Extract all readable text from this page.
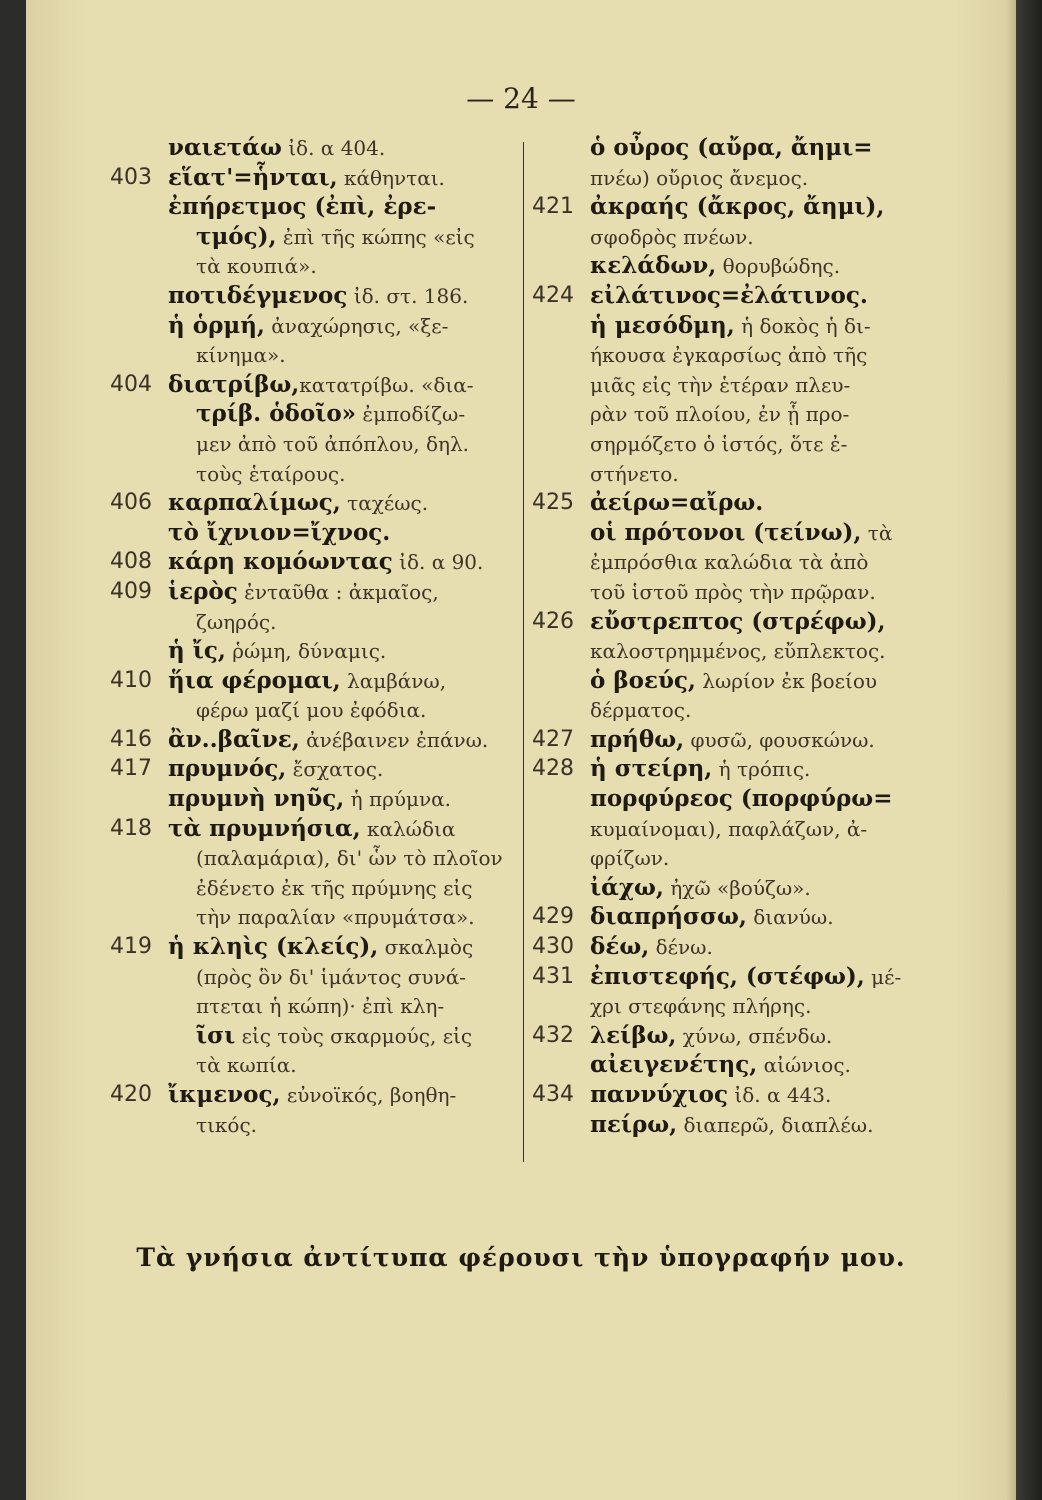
— 24 —
ναιετάω ἰδ. α 404.
403 εἵατ'=ἧνται, κάθηνται.
ἐπήρετμος (ἐπὶ, ἐρε-
τμός), ἐπὶ τῆς κώπης «εἰς
τὰ κουπιά».
ποτιδέγμενος ἰδ. στ. 186.
ἡ ὁρμή, ἀναχώρησις, «ξε-
κίνημα».
404 διατρίβω,κατατρίβω. «δια-
τρίβ. ὁδοῖο» ἐμποδίζω-
μεν ἀπὸ τοῦ ἀπόπλου, δηλ.
τοὺς ἑταίρους.
406 καρπαλίμως, ταχέως.
τὸ ἴχνιον=ἴχνος.
408 κάρη κομόωντας ἰδ. α 90.
409 ἱερὸς ἐνταῦθα : ἀκμαῖος,
ζωηρός.
ἡ ἴς, ῥώμη, δύναμις.
410 ἥια φέρομαι, λαμβάνω,
φέρω μαζί μου ἐφόδια.
416 ἂν..βαῖνε, ἀνέβαινεν ἐπάνω.
417 πρυμνός, ἔσχατος.
πρυμνὴ νηῦς, ἡ πρύμνα.
418 τὰ πρυμνήσια, καλώδια
(παλαμάρια), δι' ὧν τὸ πλοῖον
ἐδένετο ἐκ τῆς πρύμνης εἰς
τὴν παραλίαν «πρυμάτσα».
419 ἡ κληὶς (κλείς), σκαλμὸς
(πρὸς ὃν δι' ἱμάντος συνά-
πτεται ἡ κώπη)· ἐπὶ κλη-
ῖσι εἰς τοὺς σκαρμούς, εἰς
τὰ κωπία.
420 ἴκμενος, εὐνοϊκός, βοηθη-
τικός.
ὁ οὖρος (αὔρα, ἄημι=
πνέω) οὔριος ἄνεμος.
421 ἀκραής (ἄκρος, ἄημι),
σφοδρὸς πνέων.
κελάδων, θορυβώδης.
424 εἰλάτινος=ἐλάτινος.
ἡ μεσόδμη, ἡ δοκὸς ἡ δι-
ήκουσα ἐγκαρσίως ἀπὸ τῆς
μιᾶς εἰς τὴν ἑτέραν πλευ-
ρὰν τοῦ πλοίου, ἐν ᾗ προ-
σηρμόζετο ὁ ἱστός, ὅτε ἐ-
στήνετο.
425 ἀείρω=αἴρω.
οἱ πρότονοι (τείνω), τὰ
ἐμπρόσθια καλώδια τὰ ἀπὸ
τοῦ ἱστοῦ πρὸς τὴν πρῷραν.
426 εὔστρεπτος (στρέφω),
καλοστρημμένος, εὔπλεκτος.
ὁ βοεύς, λωρίον ἐκ βοείου
δέρματος.
427 πρήθω, φυσῶ, φουσκώνω.
428 ἡ στείρη, ἡ τρόπις.
πορφύρεος (πορφύρω=
κυμαίνομαι), παφλάζων, ἀ-
φρίζων.
ἰάχω, ἠχῶ «βούζω».
429 διαπρήσσω, διανύω.
430 δέω, δένω.
431 ἐπιστεφής, (στέφω), μέ-
χρι στεφάνης πλήρης.
432 λείβω, χύνω, σπένδω.
αἰειγενέτης, αἰώνιος.
434 παννύχιος ἰδ. α 443.
πείρω, διαπερῶ, διαπλέω.
Τὰ γνήσια ἀντίτυπα φέρουσι τὴν ὑπογραφήν μου.
